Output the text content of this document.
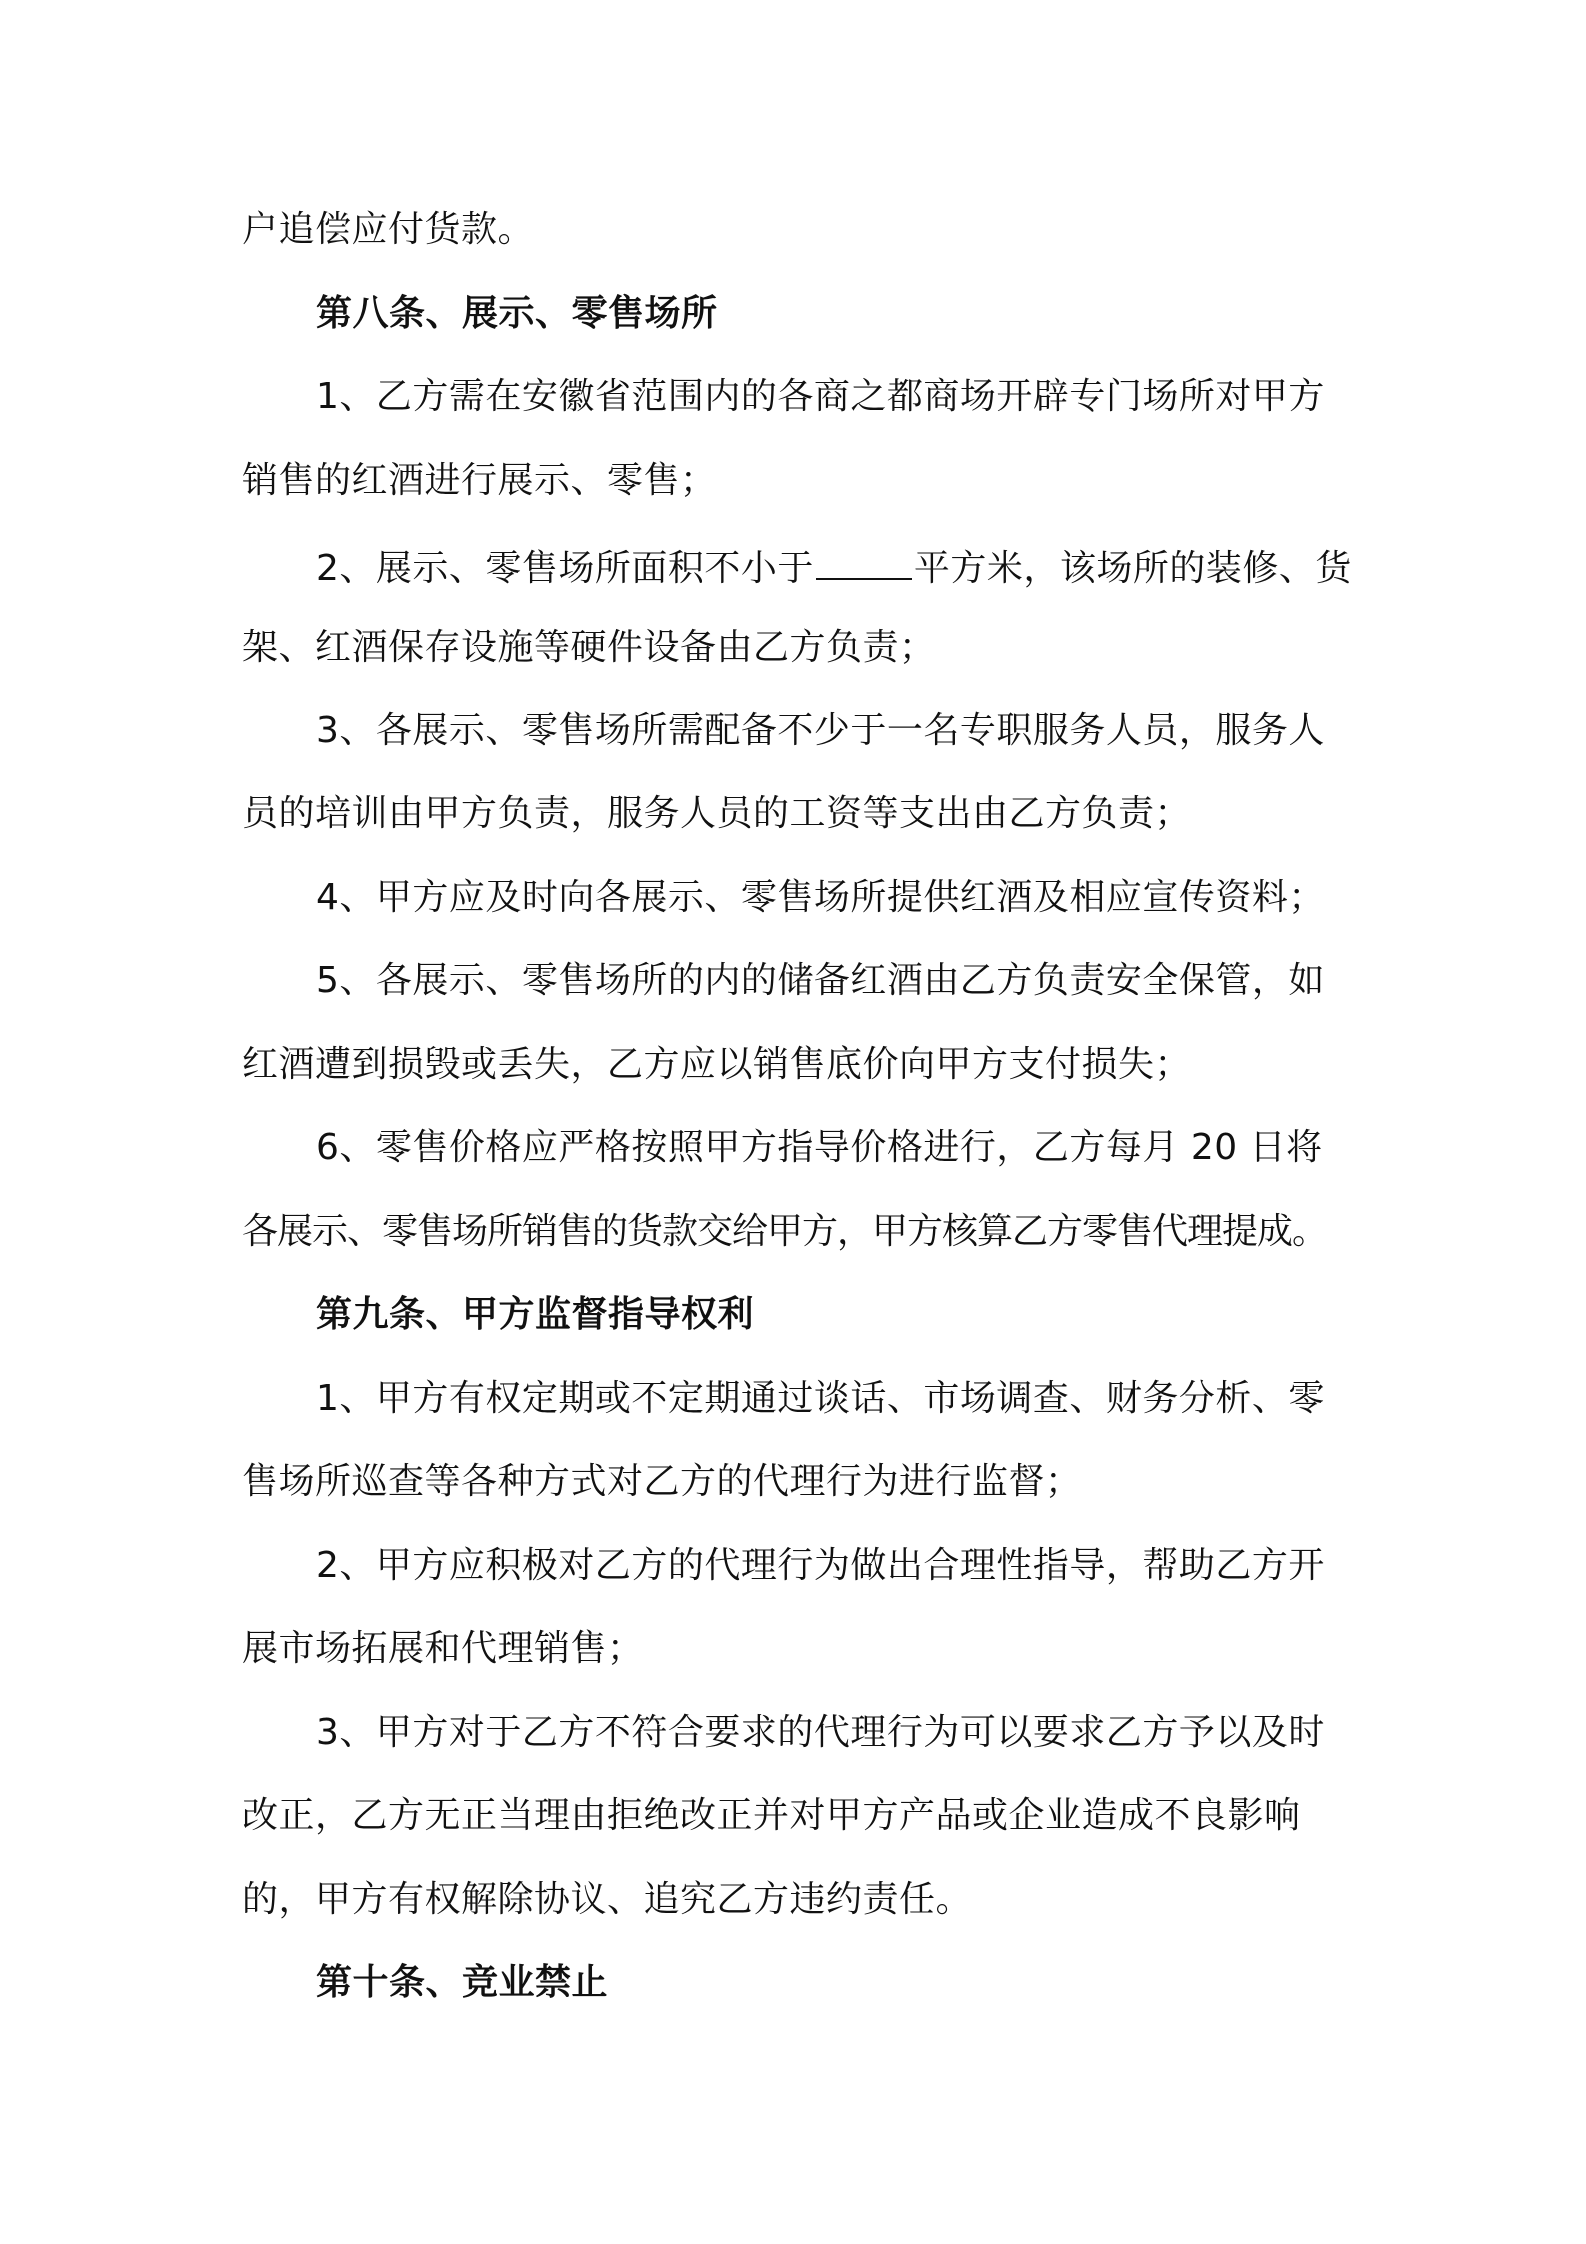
户追偿应付货款。
第八条、展示、零售场所
1、乙方需在安徽省范围内的各商之都商场开辟专门场所对甲方
销售的红酒进行展示、零售；
2、展示、零售场所面积不小于	平方米，该场所的装修、货
架、红酒保存设施等硬件设备由乙方负责；
3、各展示、零售场所需配备不少于一名专职服务人员，服务人
员的培训由甲方负责，服务人员的工资等支出由乙方负责；
4、甲方应及时向各展示、零售场所提供红酒及相应宣传资料；
5、各展示、零售场所的内的储备红酒由乙方负责安全保管，如
红酒遭到损毁或丢失，乙方应以销售底价向甲方支付损失；
6、零售价格应严格按照甲方指导价格进行，乙方每月 20 日将
各展示、零售场所销售的货款交给甲方，甲方核算乙方零售代理提成。
第九条、甲方监督指导权利
1、甲方有权定期或不定期通过谈话、市场调查、财务分析、零
售场所巡查等各种方式对乙方的代理行为进行监督；
2、甲方应积极对乙方的代理行为做出合理性指导，帮助乙方开
展市场拓展和代理销售；
3、甲方对于乙方不符合要求的代理行为可以要求乙方予以及时
改正，乙方无正当理由拒绝改正并对甲方产品或企业造成不良影响
的，甲方有权解除协议、追究乙方违约责任。
第十条、竞业禁止
